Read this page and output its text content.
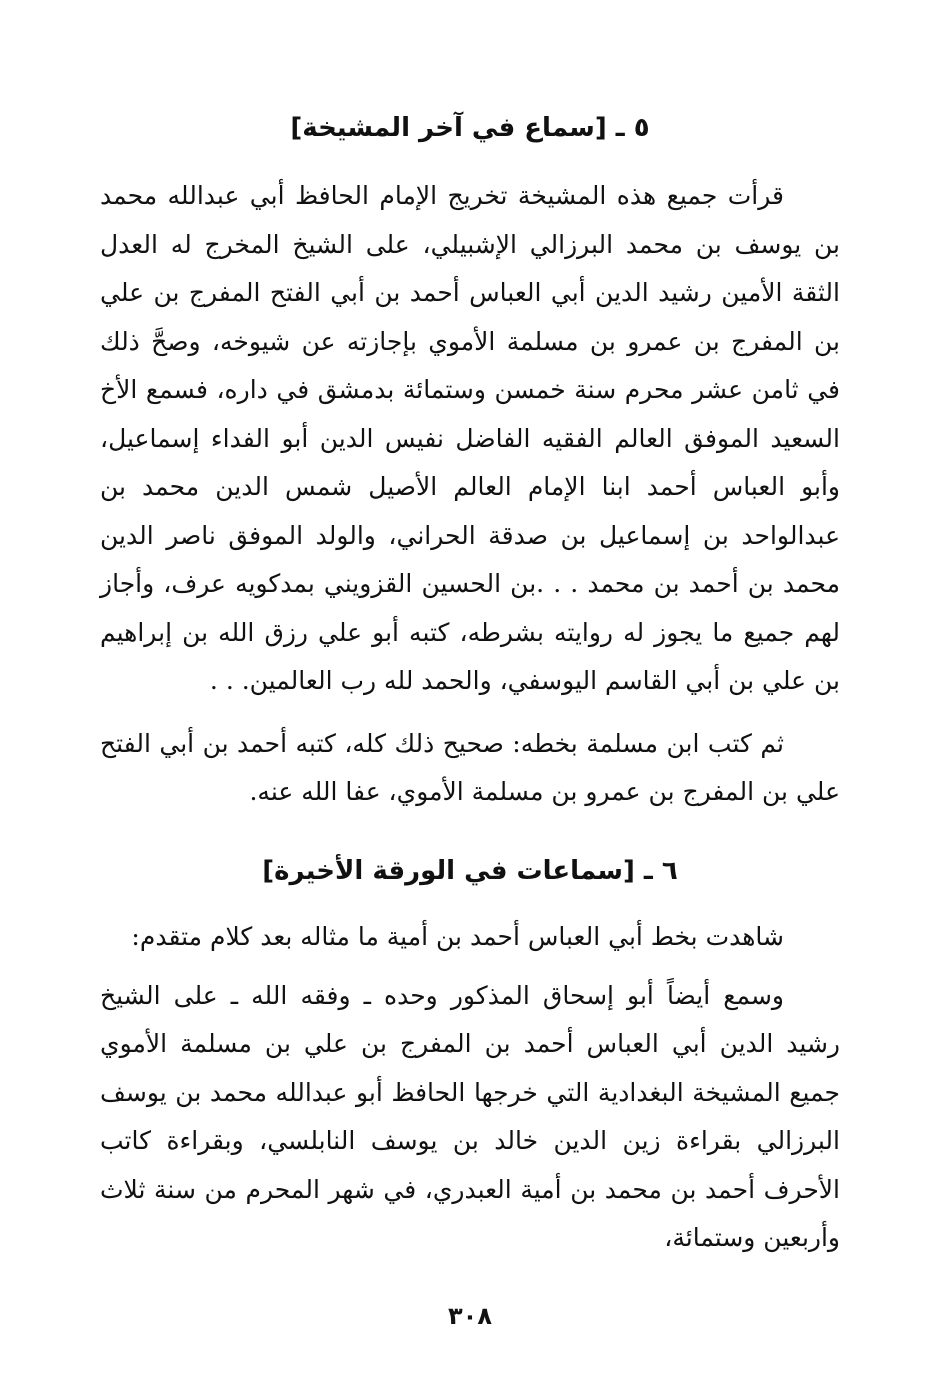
٥ ـ [سماع في آخر المشيخة]

قرأت جميع هذه المشيخة تخريج الإمام الحافظ أبي عبدالله محمد بن يوسف بن محمد البرزالي الإشبيلي، على الشيخ المخرج له العدل الثقة الأمين رشيد الدين أبي العباس أحمد بن أبي الفتح المفرج بن علي بن المفرج بن عمرو بن مسلمة الأموي بإجازته عن شيوخه، وصحَّ ذلك في ثامن عشر محرم سنة خمسن وستمائة بدمشق في داره، فسمع الأخ السعيد الموفق العالم الفقيه الفاضل نفيس الدين أبو الفداء إسماعيل، وأبو العباس أحمد ابنا الإمام العالم الأصيل شمس الدين محمد بن عبدالواحد بن إسماعيل بن صدقة الحراني، والولد الموفق ناصر الدين محمد بن أحمد بن محمد . . .بن الحسين القزويني بمدكويه عرف، وأجاز لهم جميع ما يجوز له روايته بشرطه، كتبه أبو علي رزق الله بن إبراهيم بن علي بن أبي القاسم اليوسفي، والحمد لله رب العالمين. . .

ثم كتب ابن مسلمة بخطه: صحيح ذلك كله، كتبه أحمد بن أبي الفتح علي بن المفرج بن عمرو بن مسلمة الأموي، عفا الله عنه.

٦ ـ [سماعات في الورقة الأخيرة]

شاهدت بخط أبي العباس أحمد بن أمية ما مثاله بعد كلام متقدم:

وسمع أيضاً أبو إسحاق المذكور وحده ـ وفقه الله ـ على الشيخ رشيد الدين أبي العباس أحمد بن المفرج بن علي بن مسلمة الأموي جميع المشيخة البغدادية التي خرجها الحافظ أبو عبدالله محمد بن يوسف البرزالي بقراءة زين الدين خالد بن يوسف النابلسي، وبقراءة كاتب الأحرف أحمد بن محمد بن أمية العبدري، في شهر المحرم من سنة ثلاث وأربعين وستمائة،

٣٠٨
